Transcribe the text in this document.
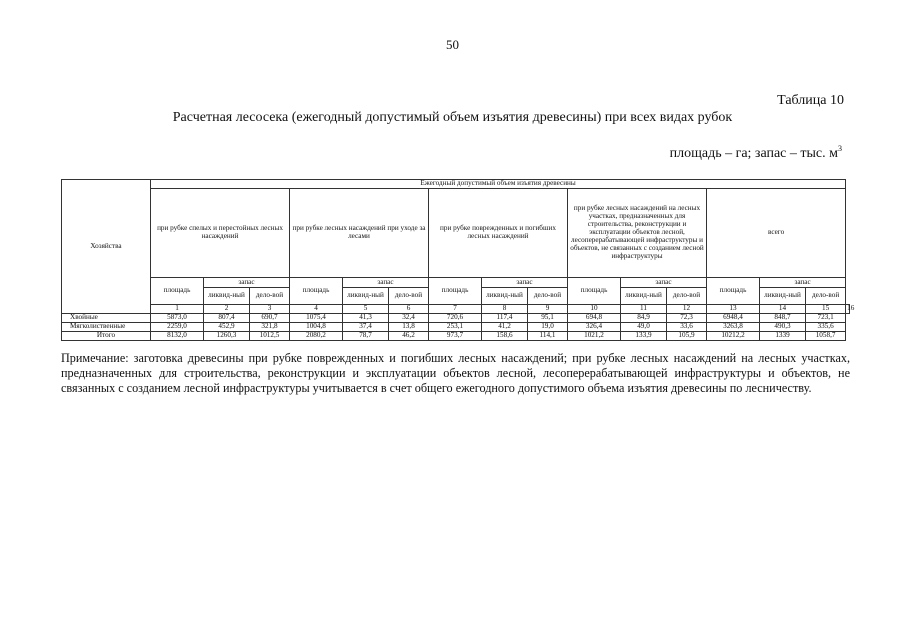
50
Таблица 10
Расчетная лесосека (ежегодный допустимый объем изъятия древесины) при всех видах рубок
площадь – га; запас – тыс. $м^3$
Хозяйства	Ежегодный допустимый объем изъятия древесины															
	при рубке спелых и перестойных лесных насаждений			при рубке лесных насаждений при уходе за лесами			при рубке поврежденных и погибших лесных насаждений			при рубке лесных насаждений на лесных участках, предназначенных для строительства, реконструкции и эксплуатации объектов лесной, лесоперерабатывающей инфраструктуры и объектов, не связанных с созданием лесной инфраструктуры			всего			
	площадь	запас		площадь	запас		площадь	запас		площадь	запас		площадь	запас		
		ликвид-ный	дело-вой		ликвид-ный	дело-вой		ликвид-ный	дело-вой		ликвид-ный	дело-вой		ликвид-ный	дело-вой	
	1	2	3	4	5	6	7	8	9	10	11	12	13	14	15	16
Хвойные	5873,0	807,4	690,7	1075,4	41,3	32,4	720,6	117,4	95,1	694,8	84,9	72,3	6948,4	848,7	723,1	
Мягколиственные	2259,0	452,9	321,8	1004,8	37,4	13,8	253,1	41,2	19,0	326,4	49,0	33,6	3263,8	490,3	335,6	
Итого	8132,0	1260,3	1012,5	2080,2	78,7	46,2	973,7	158,6	114,1	1021,2	133,9	105,9	10212,2	1339	1058,7	
Примечание: заготовка древесины при рубке поврежденных и погибших лесных насаждений; при рубке лесных насаждений на лесных участках, предназначенных для строительства, реконструкции и эксплуатации объектов лесной, лесоперерабатывающей инфраструктуры и объектов, не связанных с созданием лесной инфраструктуры учитывается в счет общего ежегодного допустимого объема изъятия древесины по лесничеству.
